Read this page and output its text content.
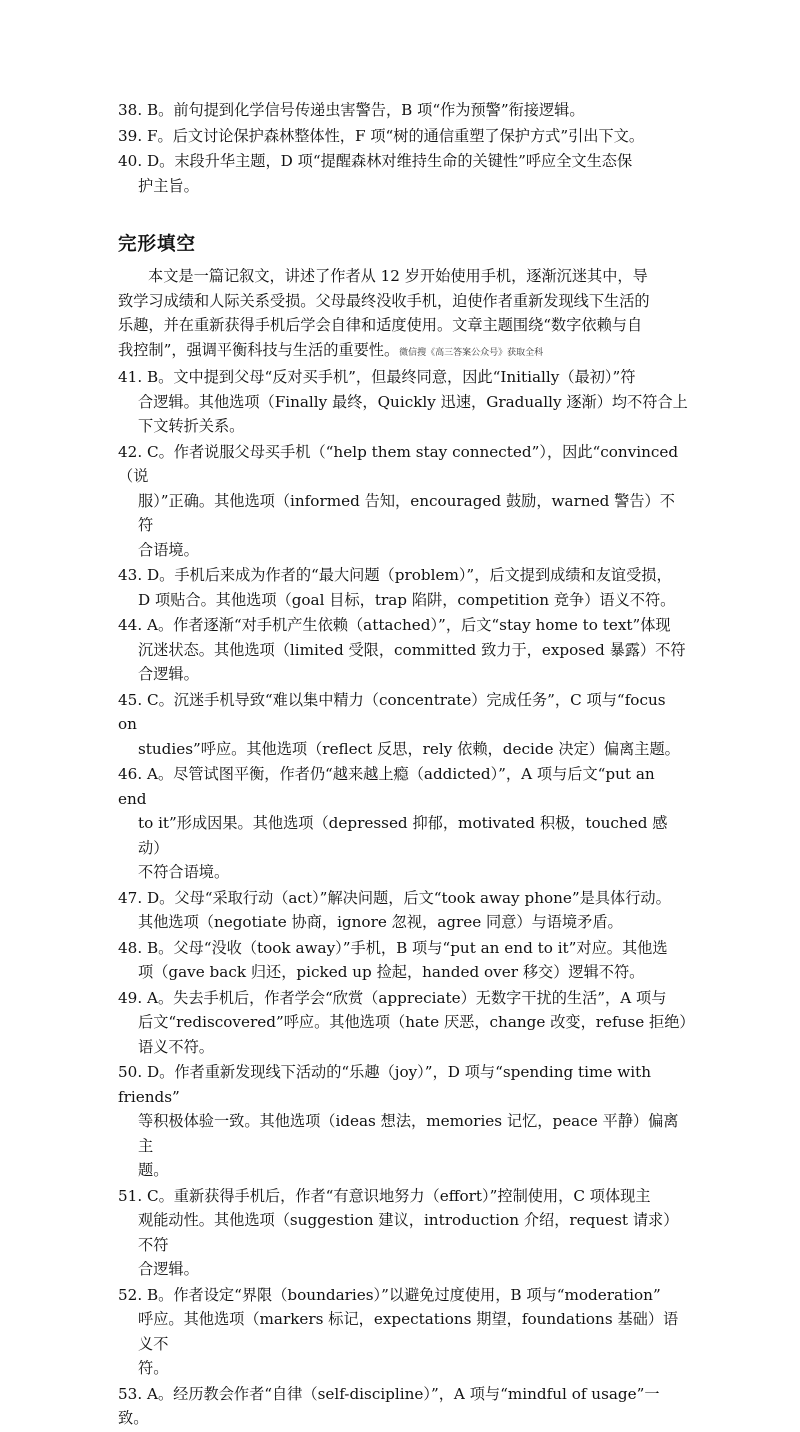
38. B。前句提到化学信号传递虫害警告，B 项“作为预警”衔接逻辑。
39. F。后文讨论保护森林整体性，F 项“树的通信重塑了保护方式”引出下文。
40. D。末段升华主题，D 项“提醒森林对维持生命的关键性”呼应全文生态保
护主旨。
完形填空
本文是一篇记叙文，讲述了作者从 12 岁开始使用手机，逐渐沉迷其中，导
致学习成绩和人际关系受损。父母最终没收手机，迫使作者重新发现线下生活的
乐趣，并在重新获得手机后学会自律和适度使用。文章主题围绕“数字依赖与自
我控制”，强调平衡科技与生活的重要性。微信搜《高三答案公众号》获取全科
41. B。文中提到父母“反对买手机”，但最终同意，因此“Initially（最初）”符
合逻辑。其他选项（Finally 最终，Quickly 迅速，Gradually 逐渐）均不符合上
下文转折关系。
42. C。作者说服父母买手机（“help them stay connected”），因此“convinced（说
服）”正确。其他选项（informed 告知，encouraged 鼓励，warned 警告）不符
合语境。
43. D。手机后来成为作者的“最大问题（problem）”，后文提到成绩和友谊受损，
D 项贴合。其他选项（goal 目标，trap 陷阱，competition 竞争）语义不符。
44. A。作者逐渐“对手机产生依赖（attached）”，后文“stay home to text”体现
沉迷状态。其他选项（limited 受限，committed 致力于，exposed 暴露）不符
合逻辑。
45. C。沉迷手机导致“难以集中精力（concentrate）完成任务”，C 项与“focus on
studies”呼应。其他选项（reflect 反思，rely 依赖，decide 决定）偏离主题。
46. A。尽管试图平衡，作者仍“越来越上瘾（addicted）”，A 项与后文“put an end
to it”形成因果。其他选项（depressed 抑郁，motivated 积极，touched 感动）
不符合语境。
47. D。父母“采取行动（act）”解决问题，后文“took away phone”是具体行动。
其他选项（negotiate 协商，ignore 忽视，agree 同意）与语境矛盾。
48. B。父母“没收（took away）”手机，B 项与“put an end to it”对应。其他选
项（gave back 归还，picked up 捡起，handed over 移交）逻辑不符。
49. A。失去手机后，作者学会“欣赏（appreciate）无数字干扰的生活”，A 项与
后文“rediscovered”呼应。其他选项（hate 厌恶，change 改变，refuse 拒绝）
语义不符。
50. D。作者重新发现线下活动的“乐趣（joy）”，D 项与“spending time with friends”
等积极体验一致。其他选项（ideas 想法，memories 记忆，peace 平静）偏离主
题。
51. C。重新获得手机后，作者“有意识地努力（effort）”控制使用，C 项体现主
观能动性。其他选项（suggestion 建议，introduction 介绍，request 请求）不符
合逻辑。
52. B。作者设定“界限（boundaries）”以避免过度使用，B 项与“moderation”
呼应。其他选项（markers 标记，expectations 期望，foundations 基础）语义不
符。
53. A。经历教会作者“自律（self-discipline）”，A 项与“mindful of usage”一致。
